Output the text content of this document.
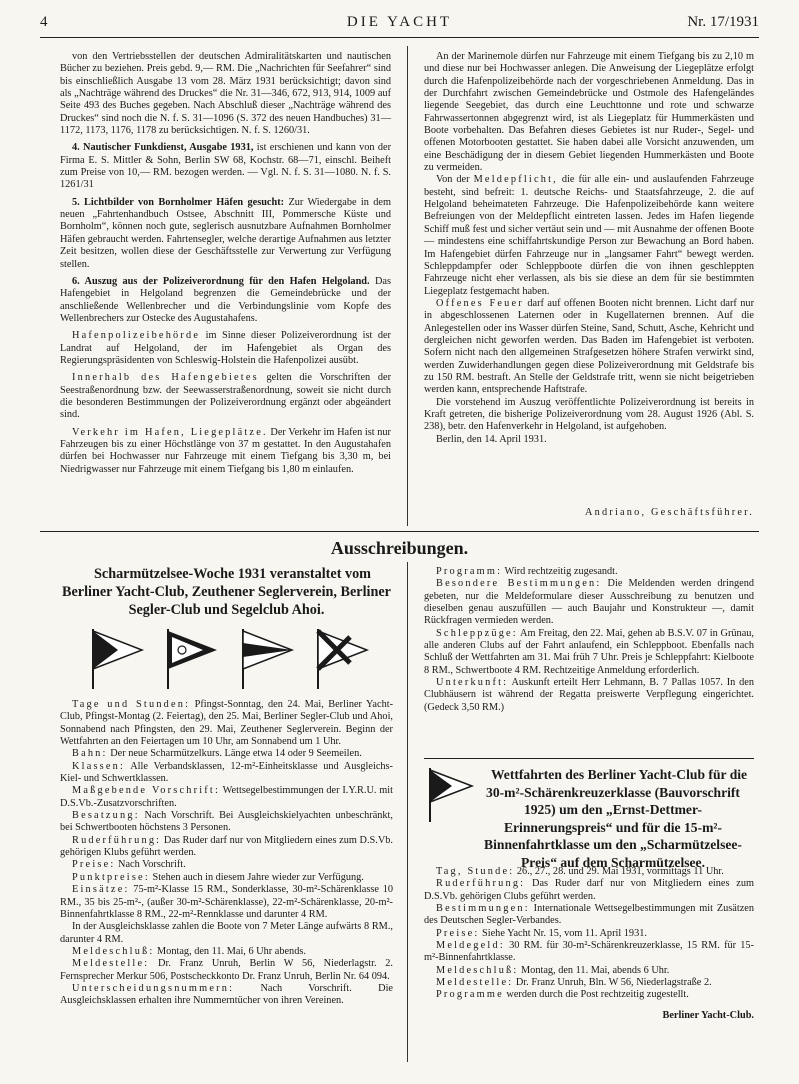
4	DIE YACHT	Nr. 17/1931

von den Vertriebsstellen der deutschen Admiralitätskarten und nautischen Bücher zu beziehen. Preis gebd. 9,— RM. Die „Nachrichten für Seefahrer“ sind bis einschließlich Ausgabe 13 vom 28. März 1931 berücksichtigt; davon sind als „Nachträge während des Druckes“ die Nr. 31—346, 672, 913, 914, 1009 auf Seite 493 des Buches gegeben. Nach Abschluß dieser „Nachträge während des Druckes“ sind noch die N. f. S. 31—1096 (S. 372 des neuen Handbuches) 31—1172, 1173, 1176, 1178 zu berücksichtigen. N. f. S. 1260/31.

4. Nautischer Funkdienst, Ausgabe 1931, ist erschienen und kann von der Firma E. S. Mittler & Sohn, Berlin SW 68, Kochstr. 68—71, einschl. Beiheft zum Preise von 10,— RM. bezogen werden. — Vgl. N. f. S. 31—1080. N. f. S. 1261/31

5. Lichtbilder von Bornholmer Häfen gesucht: Zur Wiedergabe in dem neuen „Fahrtenhandbuch Ostsee, Abschnitt III, Pommersche Küste und Bornholm“, können noch gute, seglerisch ausnutzbare Aufnahmen Bornholmer Häfen gebraucht werden. Fahrtensegler, welche derartige Aufnahmen aus letzter Zeit besitzen, wollen diese der Geschäftsstelle zur Verwertung zur Verfügung stellen.

6. Auszug aus der Polizeiverordnung für den Hafen Helgoland. Das Hafengebiet in Helgoland begrenzen die Gemeindebrücke und der anschließende Wellenbrecher und die Verbindungslinie vom Kopfe des Wellenbrechers zur Ostecke des Augustahafens.

Hafenpolizeibehörde im Sinne dieser Polizeiverordnung ist der Landrat auf Helgoland, der im Hafengebiet als Organ des Regierungspräsidenten von Schleswig-Holstein die Hafenpolizei ausübt.

Innerhalb des Hafengebietes gelten die Vorschriften der Seestraßenordnung bzw. der Seewasserstraßenordnung, soweit sie nicht durch die besonderen Bestimmungen der Polizeiverordnung ergänzt oder abgeändert sind.

Verkehr im Hafen, Liegeplätze. Der Verkehr im Hafen ist nur Fahrzeugen bis zu einer Höchstlänge von 37 m gestattet. In den Augustahafen dürfen bei Hochwasser nur Fahrzeuge mit einem Tiefgang bis 3,30 m, bei Niedrigwasser nur Fahrzeuge mit einem Tiefgang bis 1,80 m einlaufen.

An der Marinemole dürfen nur Fahrzeuge mit einem Tiefgang bis zu 2,10 m und diese nur bei Hochwasser anlegen. Die Anweisung der Liegeplätze erfolgt durch die Hafenpolizeibehörde nach der vorgeschriebenen Anmeldung. Das in der Durchfahrt zwischen Gemeindebrücke und Ostmole des Hafengeländes liegende Seegebiet, das durch eine Leuchttonne und rote und schwarze Fahrwassertonnen abgegrenzt wird, ist als Liegeplatz für Hummerkästen und Boote vorbehalten. Das Befahren dieses Gebietes ist nur Ruder-, Segel- und offenen Motorbooten gestattet. Sie haben dabei alle Vorsicht anzuwenden, um eine Beschädigung der in diesem Gebiet liegenden Hummerkästen und Boote zu vermeiden.

Von der Meldepflicht, die für alle ein- und auslaufenden Fahrzeuge besteht, sind befreit: 1. deutsche Reichs- und Staatsfahrzeuge, 2. die auf Helgoland beheimateten Fahrzeuge. Die Hafenpolizeibehörde kann weitere Befreiungen von der Meldepflicht eintreten lassen. Jedes im Hafen liegende Schiff muß fest und sicher vertäut sein und — mit Ausnahme der offenen Boote — mindestens eine schiffahrtskundige Person zur Bewachung an Bord haben. Im Hafengebiet dürfen Fahrzeuge nur in „langsamer Fahrt“ bewegt werden. Schleppdampfer oder Schleppboote dürfen die von ihnen geschleppten Fahrzeuge nicht eher verlassen, als bis sie diese an dem für sie bestimmten Liegeplatz festgemacht haben.

Offenes Feuer darf auf offenen Booten nicht brennen. Licht darf nur in abgeschlossenen Laternen oder in Kugellaternen brennen. Auf die Anlegestellen oder ins Wasser dürfen Steine, Sand, Schutt, Asche, Kehricht und dergleichen nicht geworfen werden. Das Baden im Hafengebiet ist verboten. Sofern nicht nach den allgemeinen Strafgesetzen höhere Strafen verwirkt sind, werden Zuwiderhandlungen gegen diese Polizeiverordnung mit Geldstrafe bis zu 150 RM. bestraft. An Stelle der Geldstrafe tritt, wenn sie nicht beigetrieben werden kann, entsprechende Haftstrafe.

Die vorstehend im Auszug veröffentlichte Polizeiverordnung ist bereits in Kraft getreten, die bisherige Polizeiverordnung vom 28. August 1926 (Abl. S. 238), betr. den Hafenverkehr in Helgoland, ist aufgehoben.

Berlin, den 14. April 1931.

Andriano, Geschäftsführer.

Ausschreibungen.

Scharmützelsee-Woche 1931 veranstaltet vom Berliner Yacht-Club, Zeuthener Seglerverein, Berliner Segler-Club und Segelclub Ahoi.

Tage und Stunden: Pfingst-Sonntag, den 24. Mai, Berliner Yacht-Club, Pfingst-Montag (2. Feiertag), den 25. Mai, Berliner Segler-Club und Ahoi, Sonnabend nach Pfingsten, den 29. Mai, Zeuthener Seglerverein. Beginn der Wettfahrten an den Feiertagen um 10 Uhr, am Sonnabend um 1 Uhr.

Bahn: Der neue Scharmützelkurs. Länge etwa 14 oder 9 Seemeilen.

Klassen: Alle Verbandsklassen, 12-m²-Einheitsklasse und Ausgleichs- Kiel- und Schwertklassen.

Maßgebende Vorschrift: Wettsegelbestimmungen der I.Y.R.U. mit D.S.Vb.-Zusatzvorschriften.

Besatzung: Nach Vorschrift. Bei Ausgleichskielyachten unbeschränkt, bei Schwertbooten höchstens 3 Personen.

Ruderführung: Das Ruder darf nur von Mitgliedern eines zum D.S.Vb. gehörigen Klubs geführt werden.

Preise: Nach Vorschrift.

Punktpreise: Stehen auch in diesem Jahre wieder zur Verfügung.

Einsätze: 75-m²-Klasse 15 RM., Sonderklasse, 30-m²-Schärenklasse 10 RM., 35 bis 25-m²-, (außer 30-m²-Schärenklasse), 22-m²-Schärenklasse, 20-m²-Binnenfahrtklasse 8 RM., 22-m²-Rennklasse und darunter 4 RM.

In der Ausgleichsklasse zahlen die Boote von 7 Meter Länge aufwärts 8 RM., darunter 4 RM.

Meldeschluß: Montag, den 11. Mai, 6 Uhr abends.

Meldestelle: Dr. Franz Unruh, Berlin W 56, Niederlagstr. 2. Fernsprecher Merkur 506, Postscheckkonto Dr. Franz Unruh, Berlin Nr. 64 094.

Unterscheidungsnummern:	Nach Vorschrift. Die Ausgleichsklassen erhalten ihre Nummerntücher von ihren Vereinen.

Programm: Wird rechtzeitig zugesandt.

Besondere Bestimmungen: Die Meldenden werden dringend gebeten, nur die Meldeformulare dieser Ausschreibung zu benutzen und dieselben genau auszufüllen — auch Baujahr und Konstrukteur —, damit Rückfragen vermieden werden.

Schleppzüge: Am Freitag, den 22. Mai, gehen ab B.S.V. 07 in Grünau, alle anderen Clubs auf der Fahrt anlaufend, ein Schleppboot. Ebenfalls nach Schluß der Wettfahrten am 31. Mai früh 7 Uhr. Preis je Schleppfahrt: Kielboote 8 RM., Schwertboote 4 RM. Rechtzeitige Anmeldung erforderlich.

Unterkunft: Auskunft erteilt Herr Lehmann, B. 7 Pallas 1057. In den Clubhäusern ist während der Regatta preiswerte Verpflegung eingerichtet. (Gedeck 3,50 RM.)

Wettfahrten des Berliner Yacht-Club für die 30-m²-Schärenkreuzerklasse (Bauvorschrift 1925) um den „Ernst-Dettmer-Erinnerungspreis“ und für die 15-m²-Binnenfahrtklasse um den „Scharmützelsee-Preis“ auf dem Scharmützelsee.

Tag, Stunde: 26., 27., 28. und 29. Mai 1931, vormittags 11 Uhr.

Ruderführung: Das Ruder darf nur von Mitgliedern eines zum D.S.Vb. gehörigen Clubs geführt werden.

Bestimmungen: Internationale Wettsegelbestimmungen mit Zusätzen des Deutschen Segler-Verbandes.

Preise: Siehe Yacht Nr. 15, vom 11. April 1931.

Meldegeld: 30 RM. für 30-m²-Schärenkreuzerklasse, 15 RM. für 15-m²-Binnenfahrtklasse.

Meldeschluß: Montag, den 11. Mai, abends 6 Uhr.

Meldestelle: Dr. Franz Unruh, Bln. W 56, Niederlagstraße 2.

Programme werden durch die Post rechtzeitig zugestellt.

Berliner Yacht-Club.
